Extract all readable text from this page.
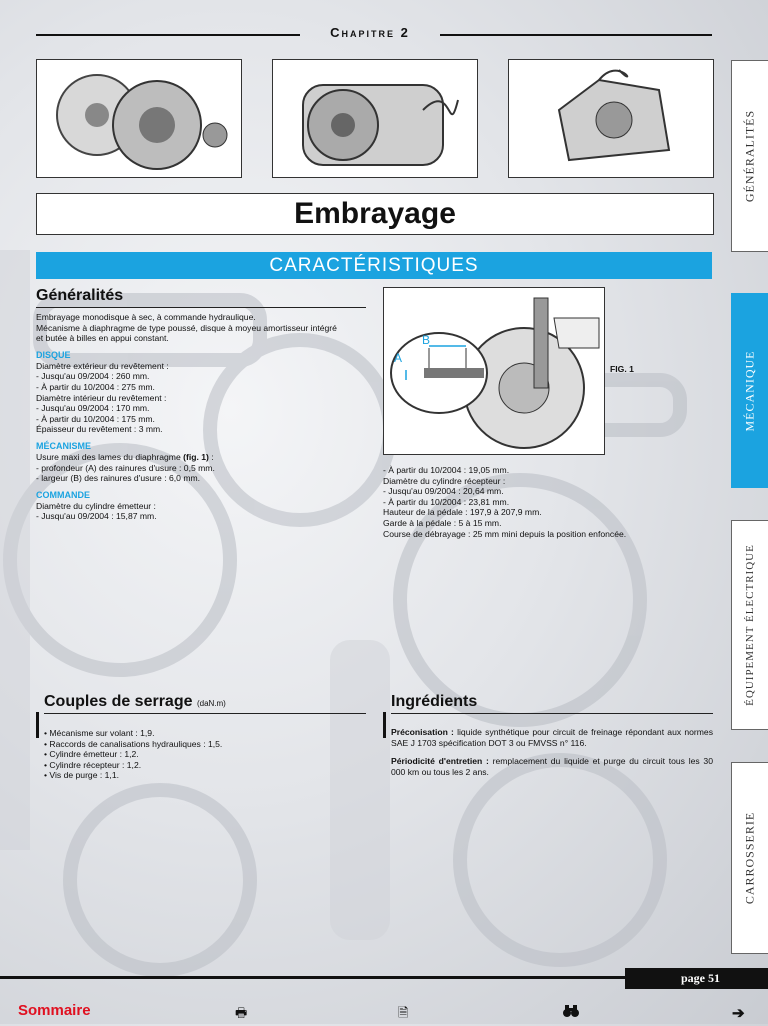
Chapitre 2
Embrayage
CARACTÉRISTIQUES
Généralités
Embrayage monodisque à sec, à commande hydraulique.
Mécanisme à diaphragme de type poussé, disque à moyeu amortisseur intégré
et butée à billes en appui constant.
DISQUE
Diamètre extérieur du revêtement :
- Jusqu'au 09/2004 : 260 mm.
- À partir du 10/2004 : 275 mm.
Diamètre intérieur du revêtement :
- Jusqu'au 09/2004 : 170 mm.
- À partir du 10/2004 : 175 mm.
Épaisseur du revêtement : 3 mm.
MÉCANISME
Usure maxi des lames du diaphragme (fig. 1) :
- profondeur (A) des rainures d'usure : 0,5 mm.
- largeur (B) des rainures d'usure : 6,0 mm.
COMMANDE
Diamètre du cylindre émetteur :
- Jusqu'au 09/2004 : 15,87 mm.
B
A
FIG. 1
- À partir du 10/2004 : 19,05 mm.
Diamètre du cylindre récepteur :
- Jusqu'au 09/2004 : 20,64 mm.
- À partir du 10/2004 : 23,81 mm.
Hauteur de la pédale : 197,9 à 207,9 mm.
Garde à la pédale : 5 à 15 mm.
Course de débrayage : 25 mm mini depuis la position enfoncée.
Couples de serrage (daN.m)
• Mécanisme sur volant : 1,9.
• Raccords de canalisations hydrauliques : 1,5.
• Cylindre émetteur : 1,2.
• Cylindre récepteur : 1,2.
• Vis de purge : 1,1.
Ingrédients
Préconisation : liquide synthétique pour circuit de freinage répondant aux normes SAE J 1703 spécification DOT 3 ou FMVSS n° 116.
Périodicité d'entretien : remplacement du liquide et purge du circuit tous les 30 000 km ou tous les 2 ans.
GÉNÉRALITÉS
MÉCANIQUE
ÉQUIPEMENT ÉLECTRIQUE
CARROSSERIE
page 51
Sommaire	🖶	🗎	➔
